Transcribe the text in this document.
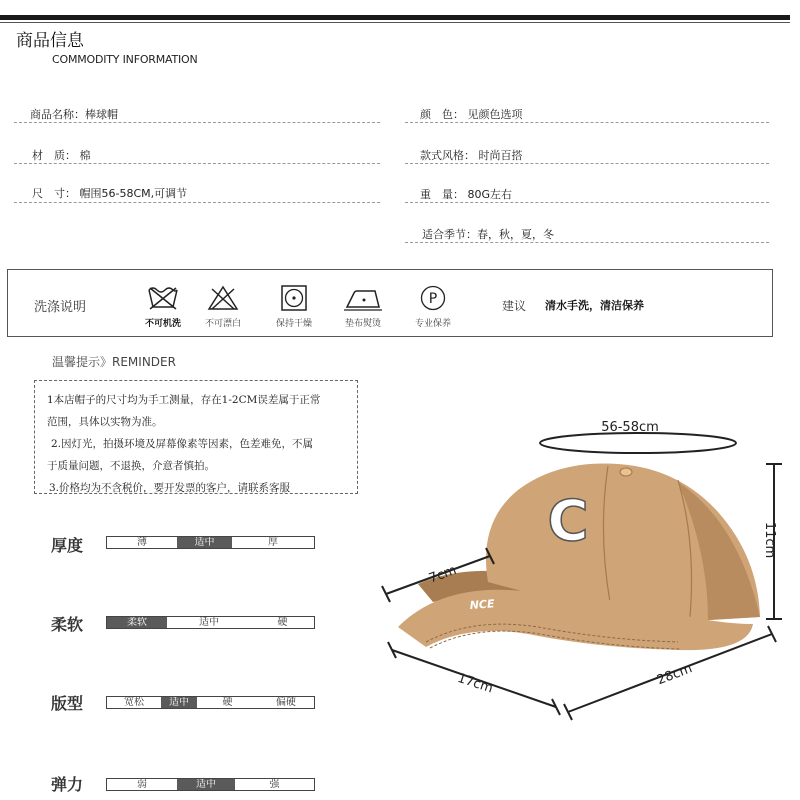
商品信息
COMMODITY INFORMATION
商品名称：棒球帽	颜　色： 见颜色选项
材　质： 棉	款式风格： 时尚百搭
尺　寸： 帽围56-58CM,可调节	重　量： 80G左右
适合季节：春，秋，夏，冬
洗涤说明
不可机洗	不可漂白	保持干燥	垫布熨烫
P
专业保养
建议 清水手洗，清洁保养
温馨提示》REMINDER

1本店帽子的尺寸均为手工测量，存在1-2CM误差属于正常

范围，具体以实物为准。

2.因灯光，拍摄环境及屏幕像素等因素，色差难免，不属

于质量问题，不退换，介意者慎拍。

3.价格均为不含税价，要开发票的客户，请联系客服

厚度	薄	适中	厚
柔软	柔软	适中	硬
版型	宽松	适中	硬	偏硬
弹力	弱	适中	强
56-58cm
C
NCE
11cm
7cm
17cm	28cm
